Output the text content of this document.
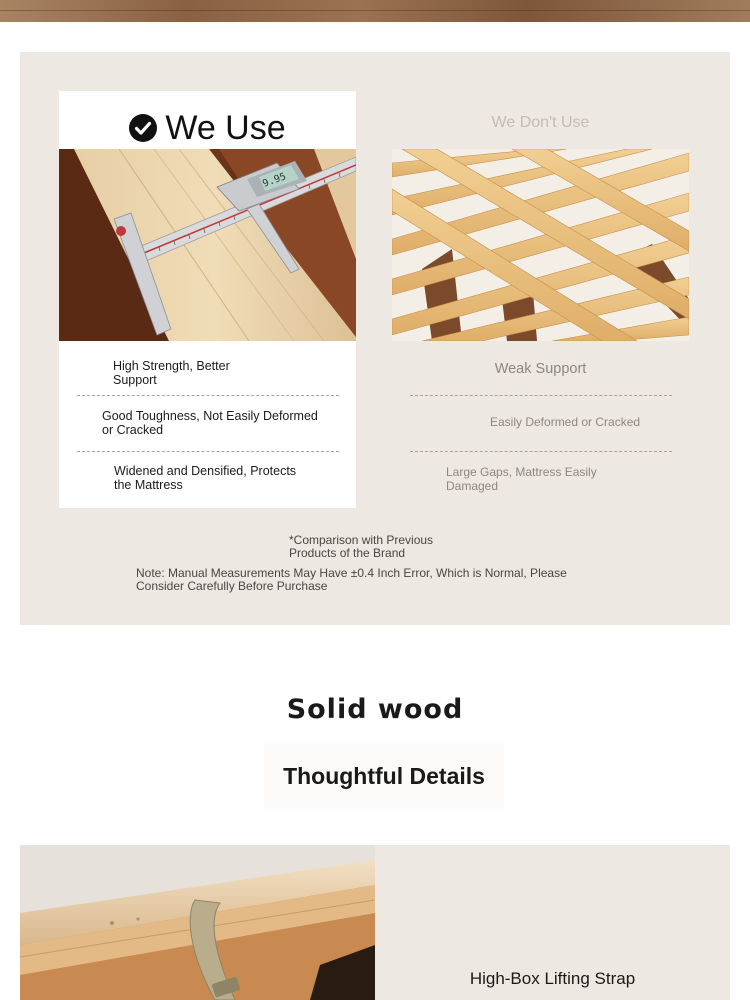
We Use
9.95
High Strength, Better Support
Good Toughness, Not Easily Deformed or Cracked
Widened and Densified, Protects the Mattress
We Don't Use
Weak Support
Easily Deformed or Cracked
Large Gaps, Mattress Easily Damaged
*Comparison with Previous Products of the Brand
Note: Manual Measurements May Have ±0.4 Inch Error, Which is Normal, Please Consider Carefully Before Purchase
Solid wood
Thoughtful Details
High-Box Lifting Strap
